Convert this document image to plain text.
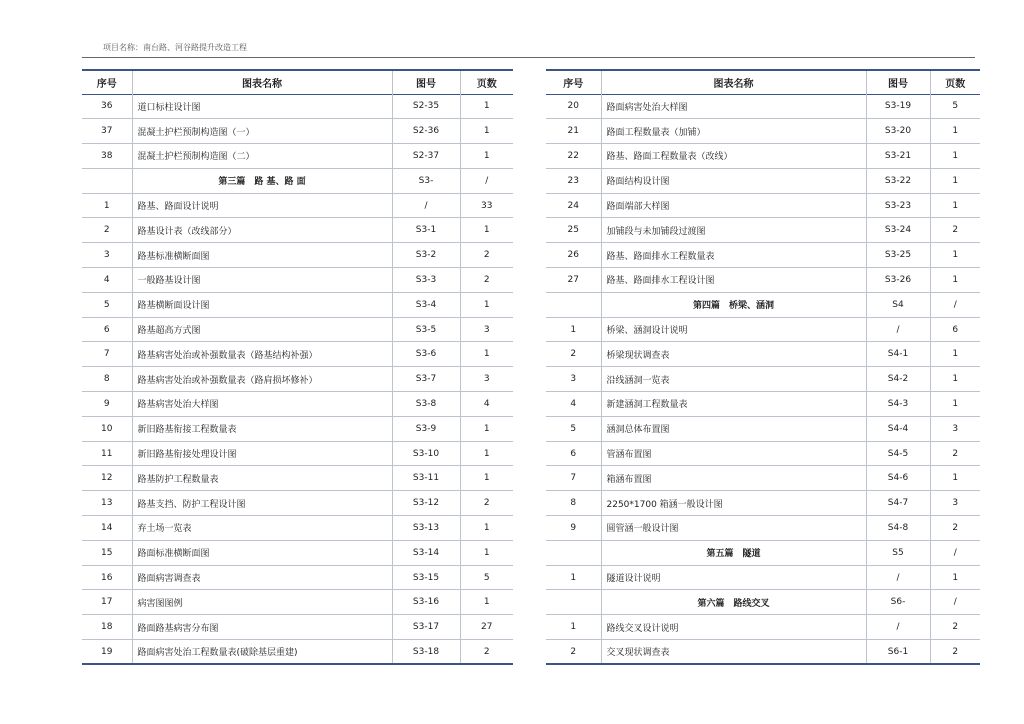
项目名称：南台路、河谷路提升改造工程
序号	图表名称	图号	页数
36	道口标柱设计图	S2-35	1
37	混凝土护栏预制构造图（一）	S2-36	1
38	混凝土护栏预制构造图（二）	S2-37	1
	第三篇　路 基、路 面	S3-	/
1	路基、路面设计说明	/	33
2	路基设计表（改线部分）	S3-1	1
3	路基标准横断面图	S3-2	2
4	一般路基设计图	S3-3	2
5	路基横断面设计图	S3-4	1
6	路基超高方式图	S3-5	3
7	路基病害处治或补强数量表（路基结构补强）	S3-6	1
8	路基病害处治或补强数量表（路肩损坏修补）	S3-7	3
9	路基病害处治大样图	S3-8	4
10	新旧路基衔接工程数量表	S3-9	1
11	新旧路基衔接处理设计图	S3-10	1
12	路基防护工程数量表	S3-11	1
13	路基支挡、防护工程设计图	S3-12	2
14	弃土场一览表	S3-13	1
15	路面标准横断面图	S3-14	1
16	路面病害调查表	S3-15	5
17	病害图图例	S3-16	1
18	路面路基病害分布图	S3-17	27
19	路面病害处治工程数量表(破除基层重建)	S3-18	2
序号	图表名称	图号	页数
20	路面病害处治大样图	S3-19	5
21	路面工程数量表（加铺）	S3-20	1
22	路基、路面工程数量表（改线）	S3-21	1
23	路面结构设计图	S3-22	1
24	路面端部大样图	S3-23	1
25	加铺段与未加铺段过渡图	S3-24	2
26	路基、路面排水工程数量表	S3-25	1
27	路基、路面排水工程设计图	S3-26	1
	第四篇　桥梁、涵洞	S4	/
1	桥梁、涵洞设计说明	/	6
2	桥梁现状调查表	S4-1	1
3	沿线涵洞一览表	S4-2	1
4	新建涵洞工程数量表	S4-3	1
5	涵洞总体布置图	S4-4	3
6	管涵布置图	S4-5	2
7	箱涵布置图	S4-6	1
8	2250*1700 箱涵一般设计图	S4-7	3
9	圆管涵一般设计图	S4-8	2
	第五篇　隧道	S5	/
1	隧道设计说明	/	1
	第六篇　路线交叉	S6-	/
1	路线交叉设计说明	/	2
2	交叉现状调查表	S6-1	2
